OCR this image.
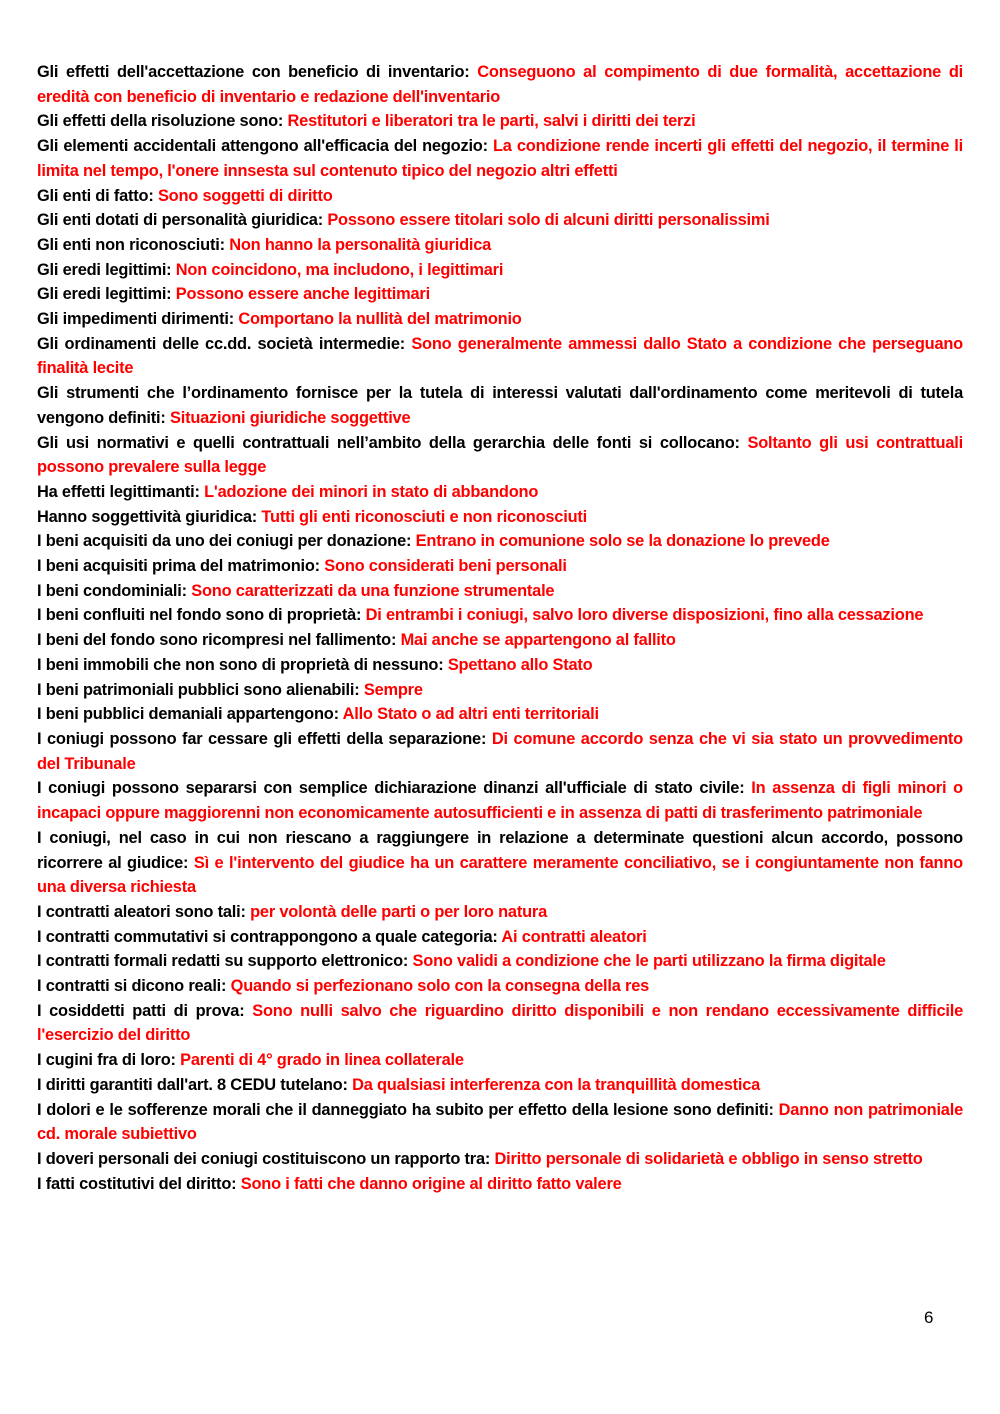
Gli effetti dell'accettazione con beneficio di inventario: Conseguono al compimento di due formalità, accettazione di eredità con beneficio di inventario e redazione dell'inventario

Gli effetti della risoluzione sono: Restitutori e liberatori tra le parti, salvi i diritti dei terzi

Gli elementi accidentali attengono all'efficacia del negozio: La condizione rende incerti gli effetti del negozio, il termine li limita nel tempo, l'onere innsesta sul contenuto tipico del negozio altri effetti

Gli enti di fatto: Sono soggetti di diritto

Gli enti dotati di personalità giuridica: Possono essere titolari solo di alcuni diritti personalissimi

Gli enti non riconosciuti: Non hanno la personalità giuridica

Gli eredi legittimi: Non coincidono, ma includono, i legittimari

Gli eredi legittimi: Possono essere anche legittimari

Gli impedimenti dirimenti: Comportano la nullità del matrimonio

Gli ordinamenti delle cc.dd. società intermedie: Sono generalmente ammessi dallo Stato a condizione che perseguano finalità lecite

Gli strumenti che l’ordinamento fornisce per la tutela di interessi valutati dall'ordinamento come meritevoli di tutela vengono definiti: Situazioni giuridiche soggettive

Gli usi normativi e quelli contrattuali nell’ambito della gerarchia delle fonti si collocano: Soltanto gli usi contrattuali possono prevalere sulla legge

Ha effetti legittimanti: L'adozione dei minori in stato di abbandono

Hanno soggettività giuridica: Tutti gli enti riconosciuti e non riconosciuti

I beni acquisiti da uno dei coniugi per donazione: Entrano in comunione solo se la donazione lo prevede

I beni acquisiti prima del matrimonio: Sono considerati beni personali

I beni condominiali: Sono caratterizzati da una funzione strumentale

I beni confluiti nel fondo sono di proprietà: Di entrambi i coniugi, salvo loro diverse disposizioni, fino alla cessazione

I beni del fondo sono ricompresi nel fallimento: Mai anche se appartengono al fallito

I beni immobili che non sono di proprietà di nessuno: Spettano allo Stato

I beni patrimoniali pubblici sono alienabili: Sempre

I beni pubblici demaniali appartengono: Allo Stato o ad altri enti territoriali

I coniugi possono far cessare gli effetti della separazione: Di comune accordo senza che vi sia stato un provvedimento del Tribunale

I coniugi possono separarsi con semplice dichiarazione dinanzi all'ufficiale di stato civile: In assenza di figli minori o incapaci oppure maggiorenni non economicamente autosufficienti e in assenza di patti di trasferimento patrimoniale

I coniugi, nel caso in cui non riescano a raggiungere in relazione a determinate questioni alcun accordo, possono ricorrere al giudice: Sì e l'intervento del giudice ha un carattere meramente conciliativo, se i congiuntamente non fanno una diversa richiesta

I contratti aleatori sono tali: per volontà delle parti o per loro natura

I contratti commutativi si contrappongono a quale categoria: Ai contratti aleatori

I contratti formali redatti su supporto elettronico: Sono validi a condizione che le parti utilizzano la firma digitale

I contratti si dicono reali: Quando si perfezionano solo con la consegna della res

I cosiddetti patti di prova: Sono nulli salvo che riguardino diritto disponibili e non rendano eccessivamente difficile l'esercizio del diritto

I cugini fra di loro: Parenti di 4° grado in linea collaterale

I diritti garantiti dall'art. 8 CEDU tutelano: Da qualsiasi interferenza con la tranquillità domestica

I dolori e le sofferenze morali che il danneggiato ha subito per effetto della lesione sono definiti: Danno non patrimoniale cd. morale subiettivo

I doveri personali dei coniugi costituiscono un rapporto tra: Diritto personale di solidarietà e obbligo in senso stretto

I fatti costitutivi del diritto: Sono i fatti che danno origine al diritto fatto valere

6
